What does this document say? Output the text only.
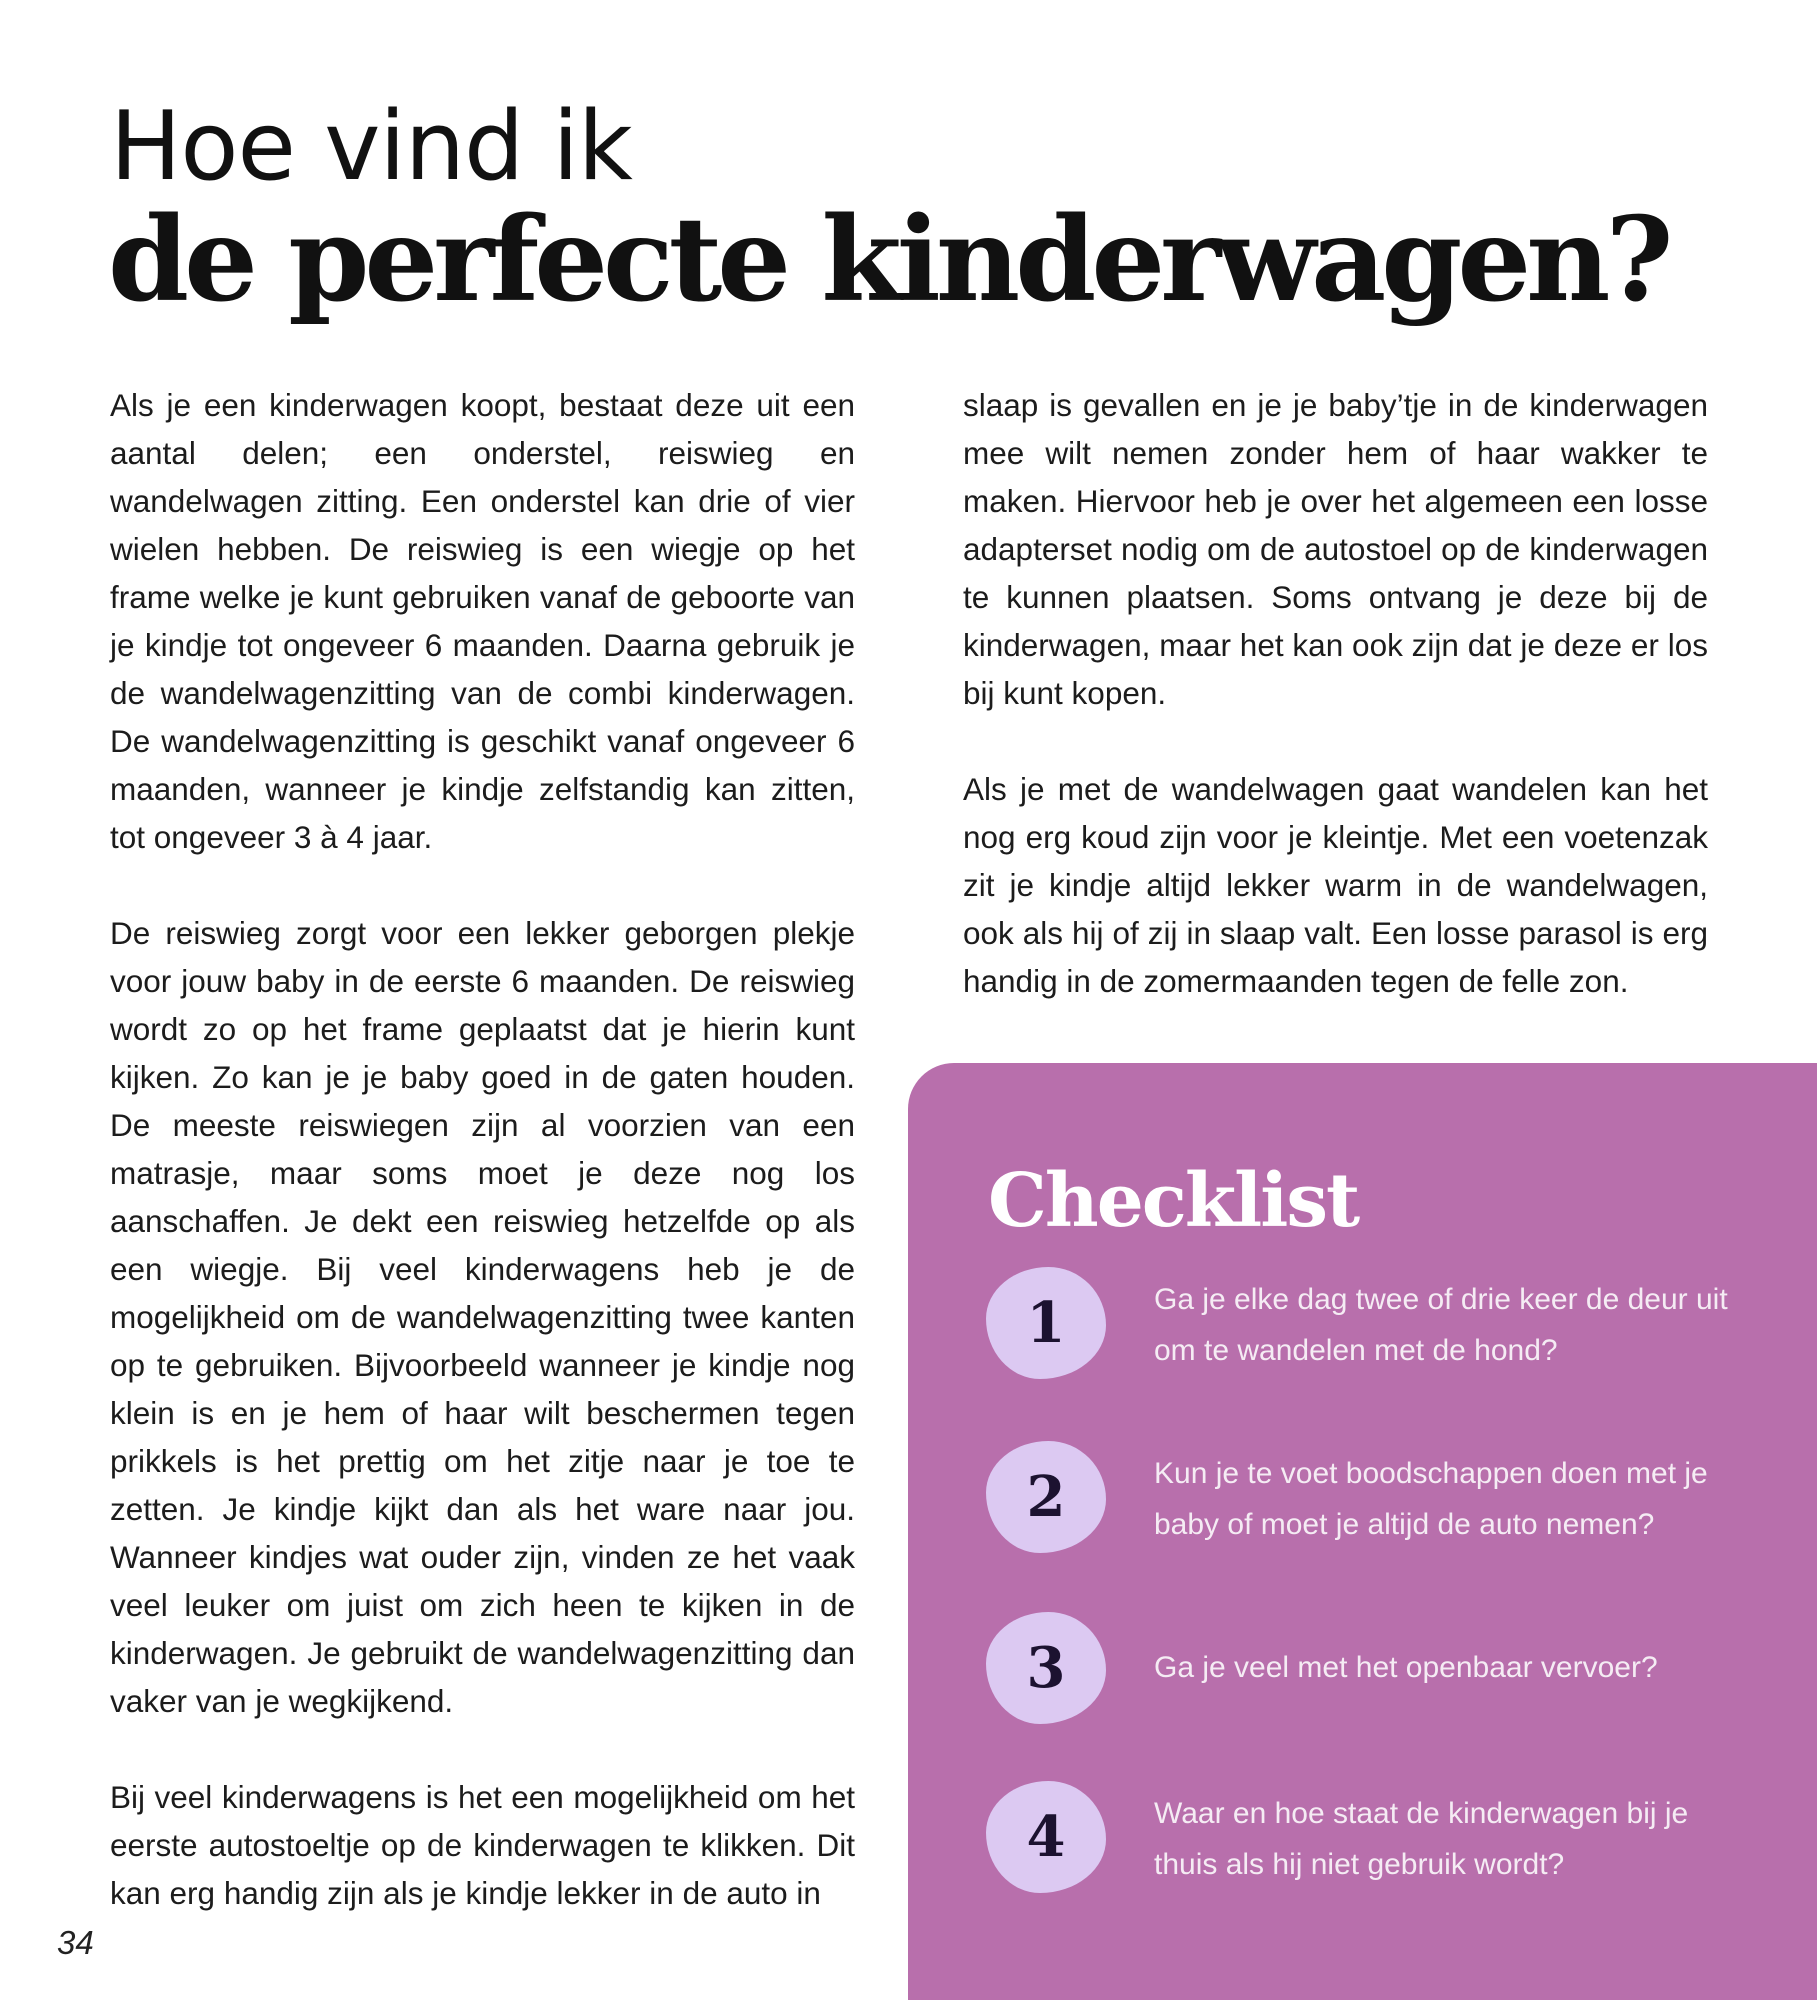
Hoe vind ik
de perfecte kinderwagen?

Als je een kinderwagen koopt, bestaat deze uit een aantal delen; een onderstel, reiswieg en wandelwagen zitting. Een onderstel kan drie of vier wielen hebben. De reiswieg is een wiegje op het frame welke je kunt gebruiken vanaf de geboorte van je kindje tot ongeveer 6 maanden. Daarna gebruik je de wandelwagenzitting van de combi kinderwagen. De wandelwagenzitting is geschikt vanaf ongeveer 6 maanden, wanneer je kindje zelfstandig kan zitten, tot ongeveer 3 à 4 jaar.

De reiswieg zorgt voor een lekker geborgen plekje voor jouw baby in de eerste 6 maanden. De reiswieg wordt zo op het frame geplaatst dat je hierin kunt kijken. Zo kan je je baby goed in de gaten houden. De meeste reiswiegen zijn al voorzien van een matrasje, maar soms moet je deze nog los aanschaffen. Je dekt een reiswieg hetzelfde op als een wiegje. Bij veel kinderwagens heb je de mogelijkheid om de wandelwagenzitting twee kanten op te gebruiken. Bijvoorbeeld wanneer je kindje nog klein is en je hem of haar wilt beschermen tegen prikkels is het prettig om het zitje naar je toe te zetten. Je kindje kijkt dan als het ware naar jou. Wanneer kindjes wat ouder zijn, vinden ze het vaak veel leuker om juist om zich heen te kijken in de kinderwagen. Je gebruikt de wandelwagenzitting dan vaker van je wegkijkend.

Bij veel kinderwagens is het een mogelijkheid om het eerste autostoeltje op de kinderwagen te klikken. Dit kan erg handig zijn als je kindje lekker in de auto in

slaap is gevallen en je je baby’tje in de kinderwagen mee wilt nemen zonder hem of haar wakker te maken. Hiervoor heb je over het algemeen een losse adapterset nodig om de autostoel op de kinderwagen te kunnen plaatsen. Soms ontvang je deze bij de kinderwagen, maar het kan ook zijn dat je deze er los bij kunt kopen.

Als je met de wandelwagen gaat wandelen kan het nog erg koud zijn voor je kleintje. Met een voetenzak zit je kindje altijd lekker warm in de wandelwagen, ook als hij of zij in slaap valt. Een losse parasol is erg handig in de zomermaanden tegen de felle zon.

Checklist
1	Ga je elke dag twee of drie keer de deur uit om te wandelen met de hond?
2	Kun je te voet boodschappen doen met je baby of moet je altijd de auto nemen?
3	Ga je veel met het openbaar vervoer?
4	Waar en hoe staat de kinderwagen bij je thuis als hij niet gebruik wordt?
34
